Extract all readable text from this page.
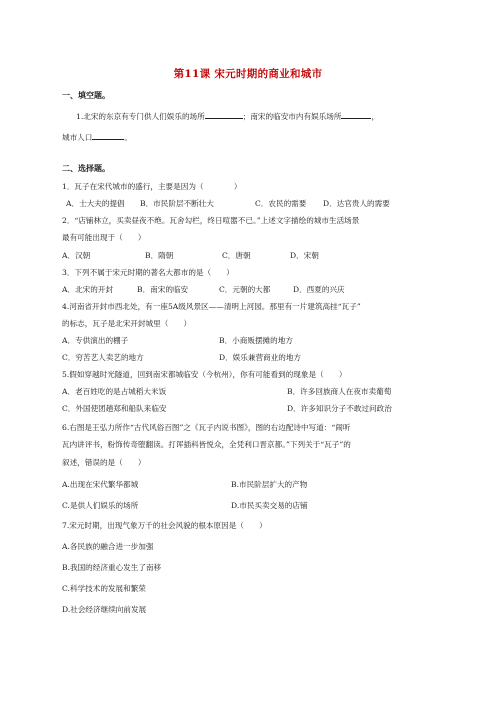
第11课 宋元时期的商业和城市
一、填空题。
1.北宋的东京有专门供人们娱乐的场所	；南宋的临安市内有娱乐场所	，
城市人口	。
二、选择题。
1．瓦子在宋代城市的盛行，主要是因为（　　　　）
A．士大夫的提倡 B．市民阶层不断壮大	C．农民的需要 D．达官贵人的需要
2．“店铺林立，买卖昼夜不绝。瓦舍勾栏，终日喧嚣不已。”上述文字描绘的城市生活场景
最有可能出现于（　　）
A．汉朝	B．隋朝	C．唐朝	D．宋朝
3．下列不属于宋元时期的著名大都市的是（　　）
A．北宋的开封	B．南宋的临安	C．元朝的大都	D．西夏的兴庆
4.河南省开封市西北处，有一座5A级风景区——清明上河园。那里有一片建筑高挂“瓦子”
的标志，瓦子是北宋开封城里（　　）
A．专供演出的棚子	B．小商贩摆摊的地方
C．穷苦艺人卖艺的地方	D．娱乐兼营商业的地方
5.假如穿越时光隧道，回到南宋都城临安（今杭州），你有可能看到的现象是（　　）
A．老百姓吃的是占城稻大米饭	B．许多回族商人在夜市卖葡萄
C．外国使团趟郑和船队来临安	D．许多知识分子不敢过问政治
6.右图是王弘力所作“古代风俗百图”之《瓦子内说书图》，图的右边配诗中写道：“闹听
瓦内讲评书，粉饰传奇堕翻读。打诨插科皆悦众，全凭利口晋京都。”下列关于“瓦子”的
叙述，错误的是（　　）
A.出现在宋代繁华都城	B.市民阶层扩大的产物
C.是供人们娱乐的场所	D.市民买卖交易的店铺
7.宋元时期，出现气象万千的社会风貌的根本原因是（　　）
A.各民族的融合进一步加强
B.我国的经济重心发生了南移
C.科学技术的发展和繁荣
D.社会经济继续向前发展
